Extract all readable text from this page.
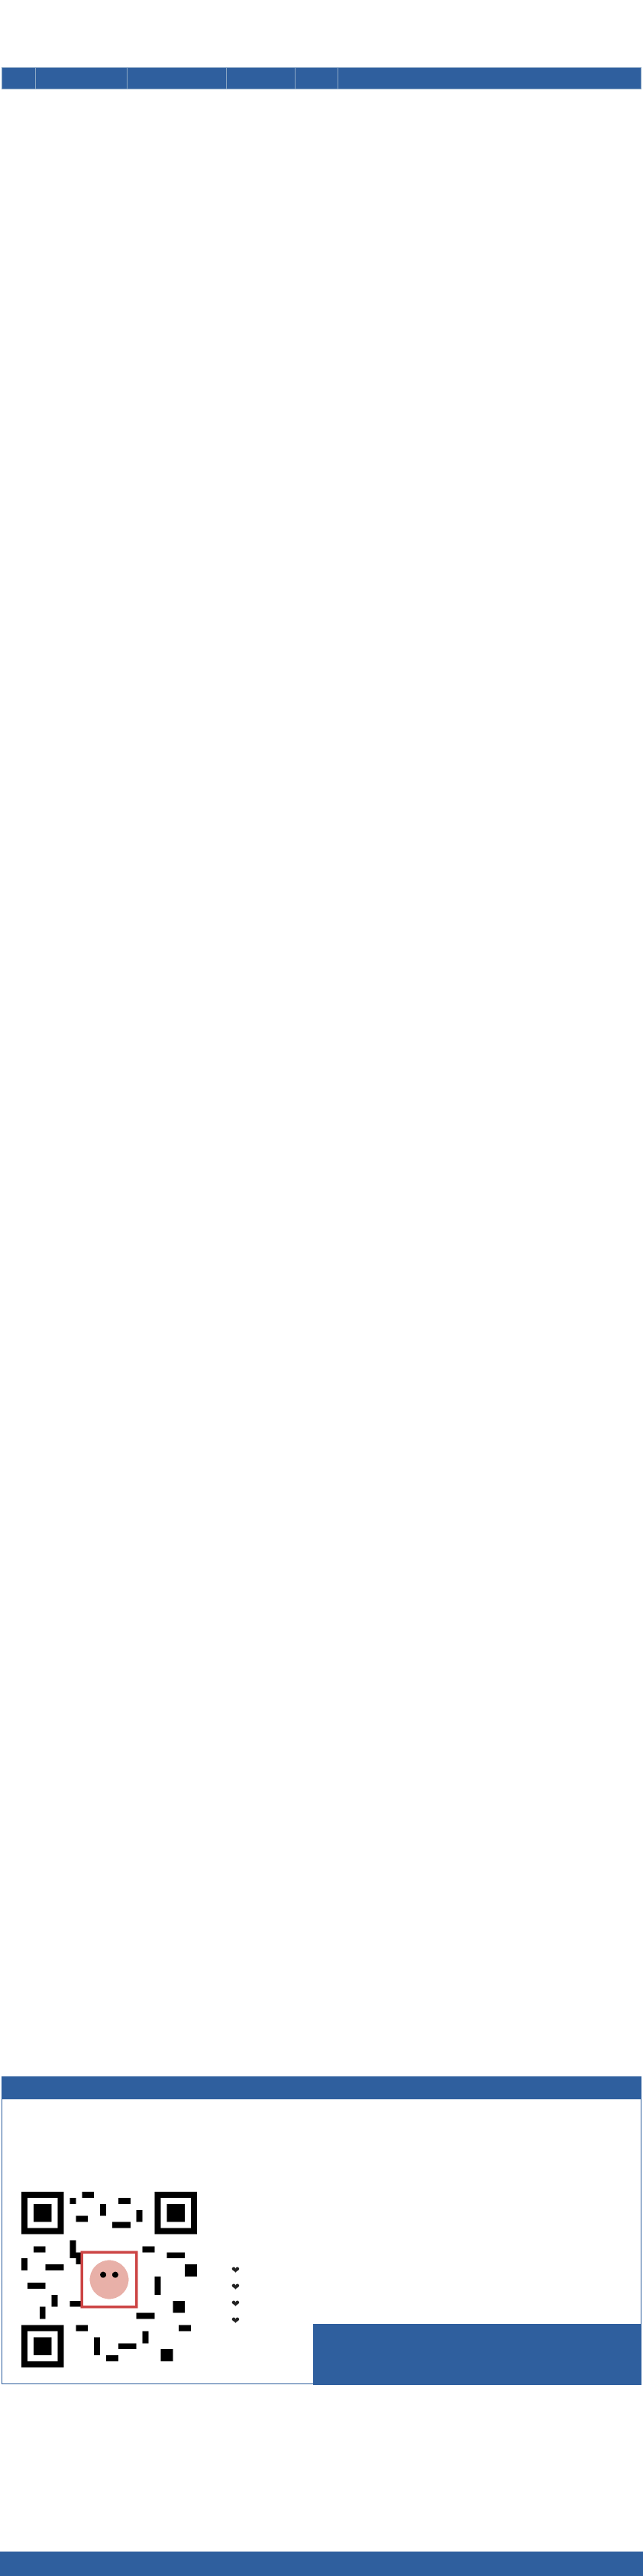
❤
❤
❤
❤
